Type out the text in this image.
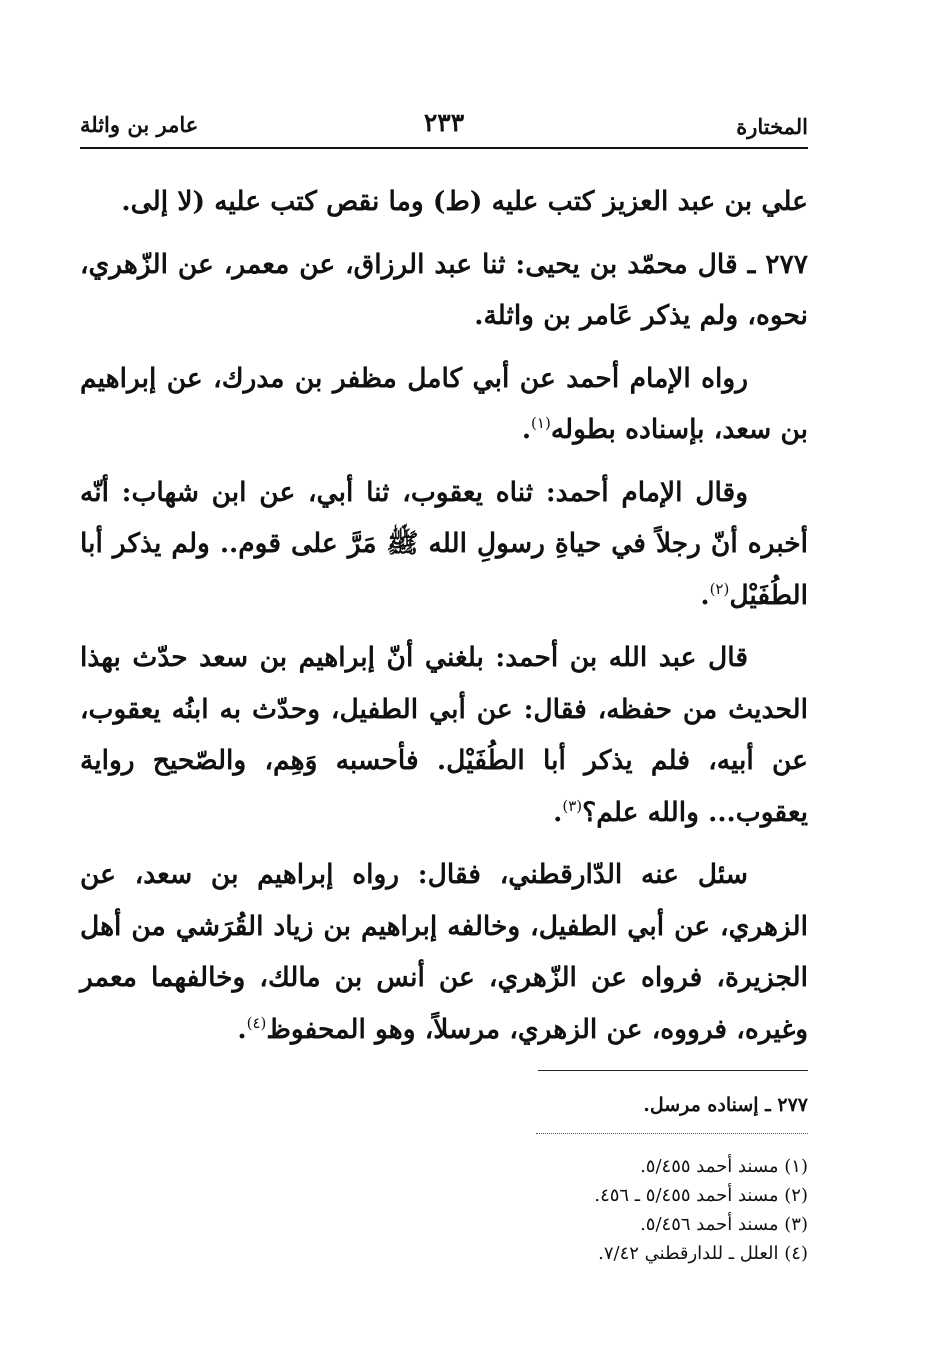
المختارة
٢٣٣
عامر بن واثلة

علي بن عبد العزيز كتب عليه (ط) وما نقص كتب عليه (لا إلى.

٢٧٧ ـ قال محمّد بن يحيى: ثنا عبد الرزاق، عن معمر، عن الزّهري، نحوه، ولم يذكر عَامر بن واثلة.

رواه الإمام أحمد عن أبي كامل مظفر بن مدرك، عن إبراهيم بن سعد، بإسناده بطوله$^{(١)}$.

وقال الإمام أحمد: ثناه يعقوب، ثنا أبي، عن ابن شهاب: أنّه أخبره أنّ رجلاً في حياةِ رسولِ الله ﷺ مَرَّ على قوم.. ولم يذكر أبا الطُفَيْل$^{(٢)}$.

قال عبد الله بن أحمد: بلغني أنّ إبراهيم بن سعد حدّث بهذا الحديث من حفظه، فقال: عن أبي الطفيل، وحدّث به ابنُه يعقوب، عن أبيه، فلم يذكر أبا الطُفَيْل. فأحسبه وَهِم، والصّحيح رواية يعقوب... والله علم؟$^{(٣)}$.

سئل عنه الدّارقطني، فقال: رواه إبراهيم بن سعد، عن الزهري، عن أبي الطفيل، وخالفه إبراهيم بن زياد القُرَشي من أهل الجزيرة، فرواه عن الزّهري، عن أنس بن مالك، وخالفهما معمر وغيره، فرووه، عن الزهري، مرسلاً، وهو المحفوظ$^{(٤)}$.

٢٧٧ ـ إسناده مرسل.
(١) مسند أحمد ٥/٤٥٥.
(٢) مسند أحمد ٥/٤٥٥ ـ ٤٥٦.
(٣) مسند أحمد ٥/٤٥٦.
(٤) العلل ـ للدارقطني ٧/٤٢.
